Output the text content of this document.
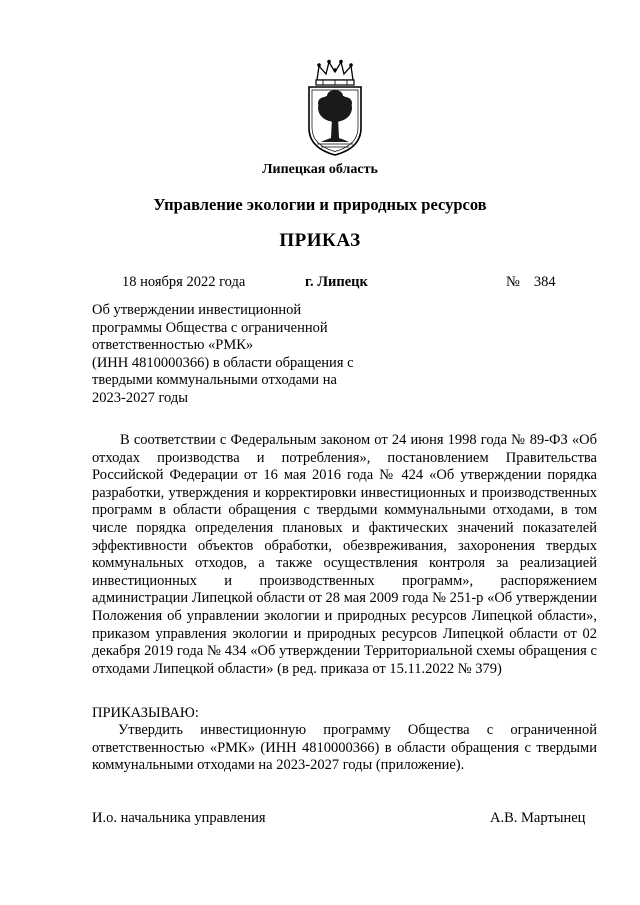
Липецкая область
Управление экологии и природных ресурсов
ПРИКАЗ
18 ноября 2022 года	г. Липецк	№ 384
Об утверждении инвестиционной
программы Общества с ограниченной
ответственностью «РМК»
(ИНН 4810000366) в области обращения с
твердыми коммунальными отходами на
2023-2027 годы

В соответствии с Федеральным законом от 24 июня 1998 года № 89-ФЗ «Об отходах производства и потребления», постановлением Правительства Российской Федерации от 16 мая 2016 года № 424 «Об утверждении порядка разработки, утверждения и корректировки инвестиционных и производственных программ в области обращения с твердыми коммунальными отходами, в том числе порядка определения плановых и фактических значений показателей эффективности объектов обработки, обезвреживания, захоронения твердых коммунальных отходов, а также осуществления контроля за реализацией инвестиционных и производственных программ», распоряжением администрации Липецкой области от 28 мая 2009 года № 251-р «Об утверждении Положения об управлении экологии и природных ресурсов Липецкой области», приказом управления экологии и природных ресурсов Липецкой области от 02 декабря 2019 года № 434 «Об утверждении Территориальной схемы обращения с отходами Липецкой области» (в ред. приказа от 15.11.2022 № 379)

ПРИКАЗЫВАЮ:

Утвердить инвестиционную программу Общества с ограниченной ответственностью «РМК» (ИНН 4810000366) в области обращения с твердыми коммунальными отходами на 2023-2027 годы (приложение).

И.о. начальника управления	А.В. Мартынец
